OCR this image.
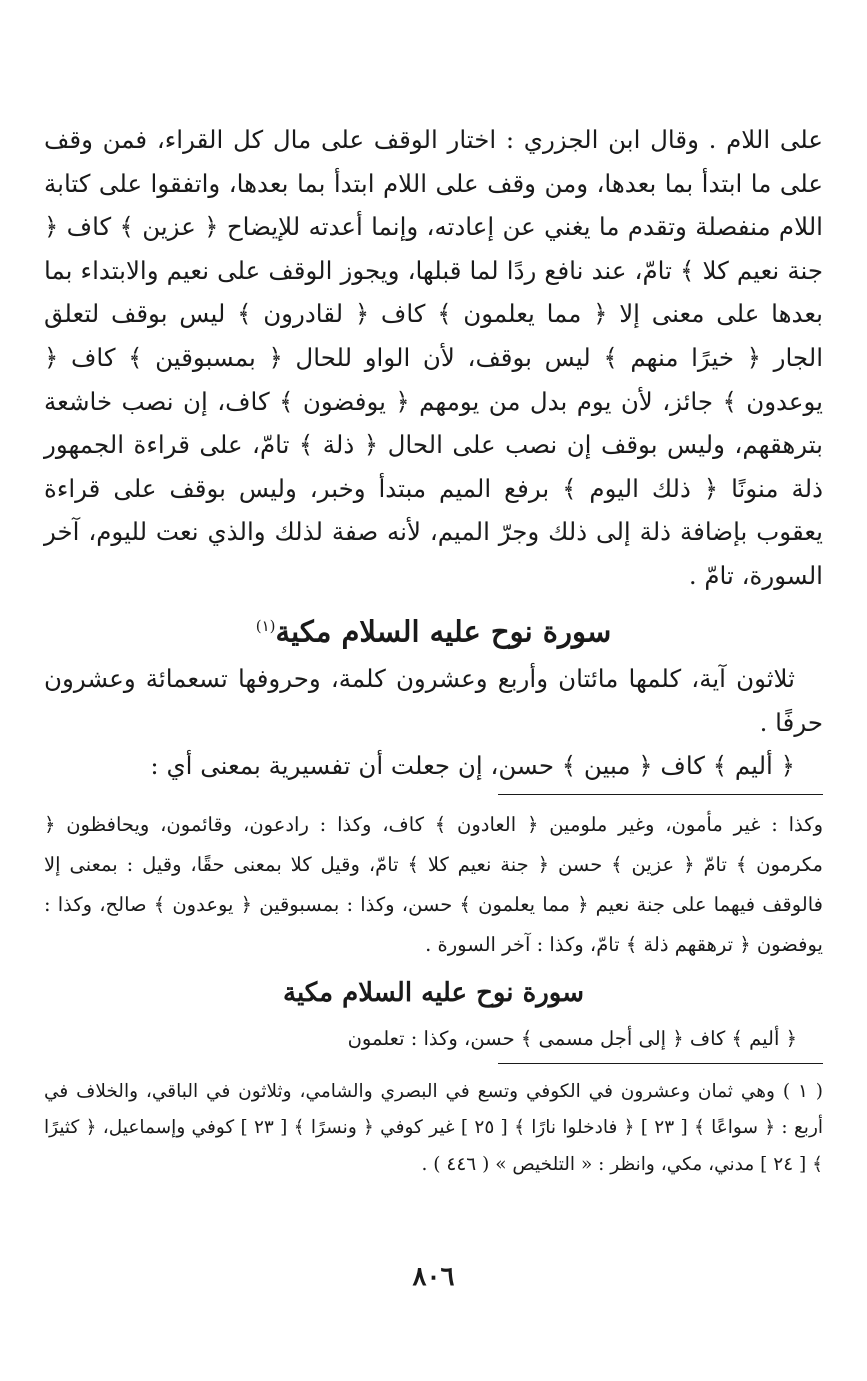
على اللام . وقال ابن الجزري : اختار الوقف على مال كل القراء، فمن وقف على ما ابتدأ بما بعدها، ومن وقف على اللام ابتدأ بما بعدها، واتفقوا على كتابة اللام منفصلة وتقدم ما يغني عن إعادته، وإنما أعدته للإيضاح ﴿ عزين ﴾ كاف ﴿ جنة نعيم كلا ﴾ تامّ، عند نافع ردًا لما قبلها، ويجوز الوقف على نعيم والابتداء بما بعدها على معنى إلا ﴿ مما يعلمون ﴾ كاف ﴿ لقادرون ﴾ ليس بوقف لتعلق الجار ﴿ خيرًا منهم ﴾ ليس بوقف، لأن الواو للحال ﴿ بمسبوقين ﴾ كاف ﴿ يوعدون ﴾ جائز، لأن يوم بدل من يومهم ﴿ يوفضون ﴾ كاف، إن نصب خاشعة بترهقهم، وليس بوقف إن نصب على الحال ﴿ ذلة ﴾ تامّ، على قراءة الجمهور ذلة منونًا ﴿ ذلك اليوم ﴾ برفع الميم مبتدأ وخبر، وليس بوقف على قراءة يعقوب بإضافة ذلة إلى ذلك وجرّ الميم، لأنه صفة لذلك والذي نعت لليوم، آخر السورة، تامّ .

سورة نوح عليه السلام مكية$^{(١)}$

ثلاثون آية، كلمها مائتان وأربع وعشرون كلمة، وحروفها تسعمائة وعشرون حرفًا .

﴿ أليم ﴾ كاف ﴿ مبين ﴾ حسن، إن جعلت أن تفسيرية بمعنى أي :

وكذا : غير مأمون، وغير ملومين ﴿ العادون ﴾ كاف، وكذا : رادعون، وقائمون، ويحافظون ﴿ مكرمون ﴾ تامّ ﴿ عزين ﴾ حسن ﴿ جنة نعيم كلا ﴾ تامّ، وقيل كلا بمعنى حقًا، وقيل : بمعنى إلا فالوقف فيهما على جنة نعيم ﴿ مما يعلمون ﴾ حسن، وكذا : بمسبوقين ﴿ يوعدون ﴾ صالح، وكذا : يوفضون ﴿ ترهقهم ذلة ﴾ تامّ، وكذا : آخر السورة .

سورة نوح عليه السلام مكية

﴿ أليم ﴾ كاف ﴿ إلى أجل مسمى ﴾ حسن، وكذا : تعلمون

( ١ ) وهي ثمان وعشرون في الكوفي وتسع في البصري والشامي، وثلاثون في الباقي، والخلاف في أربع : ﴿ سواعًا ﴾ [ ٢٣ ] ﴿ فادخلوا نارًا ﴾ [ ٢٥ ] غير كوفي ﴿ ونسرًا ﴾ [ ٢٣ ] كوفي وإسماعيل، ﴿ كثيرًا ﴾ [ ٢٤ ] مدني، مكي، وانظر : « التلخيص » ( ٤٤٦ ) .

٨٠٦
